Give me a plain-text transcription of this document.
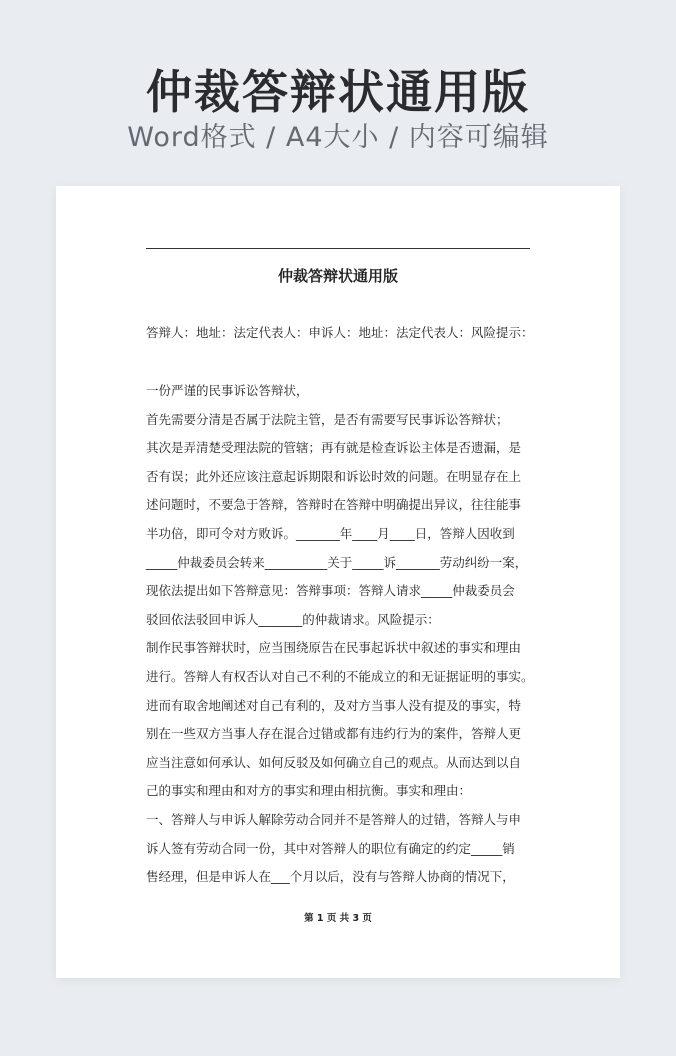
仲裁答辩状通用版
Word格式 / A4大小 / 内容可编辑
仲裁答辩状通用版
答辩人：地址：法定代表人：申诉人：地址：法定代表人：风险提示：
一份严谨的民事诉讼答辩状，
首先需要分清是否属于法院主管，是否有需要写民事诉讼答辩状；
其次是弄清楚受理法院的管辖；再有就是检查诉讼主体是否遗漏，是
否有误；此外还应该注意起诉期限和诉讼时效的问题。在明显存在上
述问题时，不要急于答辩，答辩时在答辩中明确提出异议，往往能事
半功倍，即可令对方败诉。_______年____月____日，答辩人因收到
_____仲裁委员会转来__________关于_____诉_______劳动纠纷一案，
现依法提出如下答辩意见：答辩事项：答辩人请求_____仲裁委员会
驳回依法驳回申诉人_______的仲裁请求。风险提示：
制作民事答辩状时，应当围绕原告在民事起诉状中叙述的事实和理由
进行。答辩人有权否认对自己不利的不能成立的和无证据证明的事实。
进而有取舍地阐述对自己有利的，及对方当事人没有提及的事实，特
别在一些双方当事人存在混合过错或都有违约行为的案件，答辩人更
应当注意如何承认、如何反驳及如何确立自己的观点。从而达到以自
己的事实和理由和对方的事实和理由相抗衡。事实和理由：
一、答辩人与申诉人解除劳动合同并不是答辩人的过错，答辩人与申
诉人签有劳动合同一份，其中对答辩人的职位有确定的约定_____销
售经理，但是申诉人在___个月以后，没有与答辩人协商的情况下，
第 1 页 共 3 页
